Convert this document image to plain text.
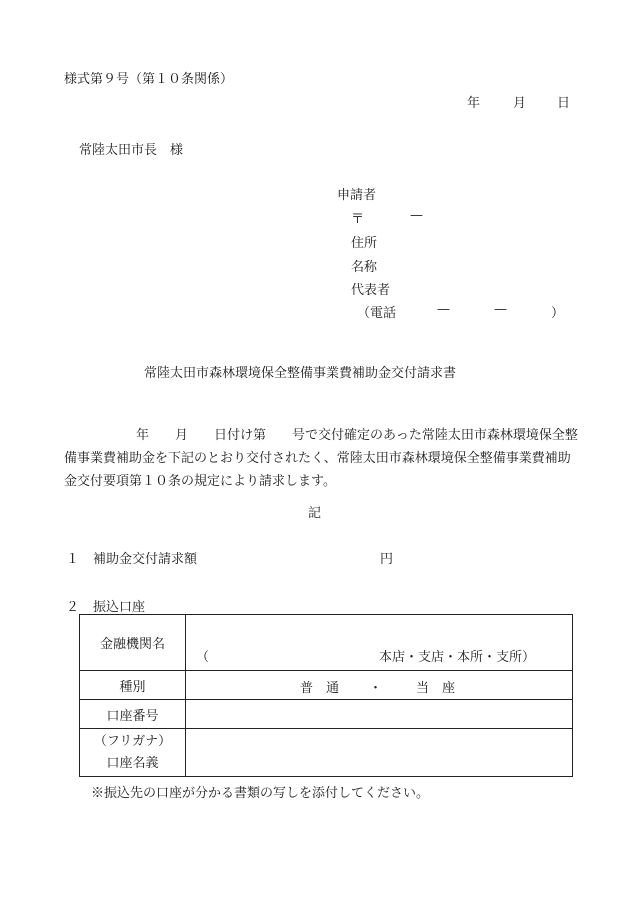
様式第９号（第１０条関係）
年	月 日
常陸太田市長　様
申請者
〒	—
住所
名称
代表者
（電話	—	—	）
常陸太田市森林環境保全整備事業費補助金交付請求書
年 月 日付け第 号で交付確定のあった常陸太田市森林環境保全整備事業費補助金を下記のとおり交付されたく、常陸太田市森林環境保全整備事業費補助金交付要項第１０条の規定により請求します。
記
１ 補助金交付請求額	円
２ 振込口座
金融機関名	（ 本店・支店・本所・支所）

種別	普　通 ・ 当　座

口座番号	

（フリガナ）
口座名義	

※振込先の口座が分かる書類の写しを添付してください。
